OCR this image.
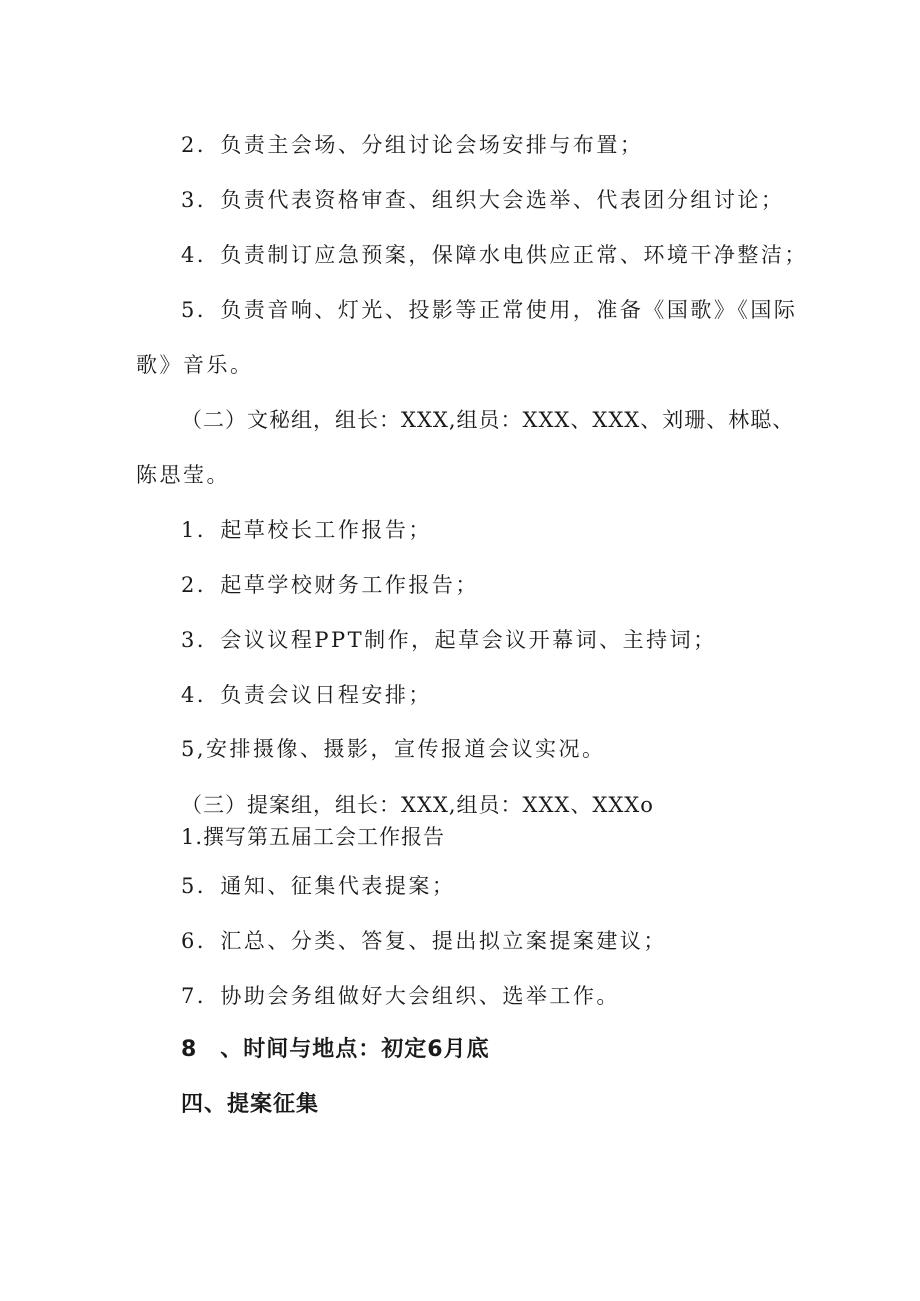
2．负责主会场、分组讨论会场安排与布置；
3．负责代表资格审查、组织大会选举、代表团分组讨论；
4．负责制订应急预案，保障水电供应正常、环境干净整洁；
5．负责音响、灯光、投影等正常使用，准备《国歌》《国际
歌》音乐。
（二）文秘组，组长：XXX,组员：XXX、XXX、刘珊、林聪、
陈思莹。
1．起草校长工作报告；
2．起草学校财务工作报告；
3．会议议程PPT制作，起草会议开幕词、主持词；
4．负责会议日程安排；
5,安排摄像、摄影，宣传报道会议实况。
（三）提案组，组长：XXX,组员：XXX、XXXo
1.撰写第五届工会工作报告
5．通知、征集代表提案；
6．汇总、分类、答复、提出拟立案提案建议；
7．协助会务组做好大会组织、选举工作。
8　、时间与地点：初定6月底
四、提案征集
